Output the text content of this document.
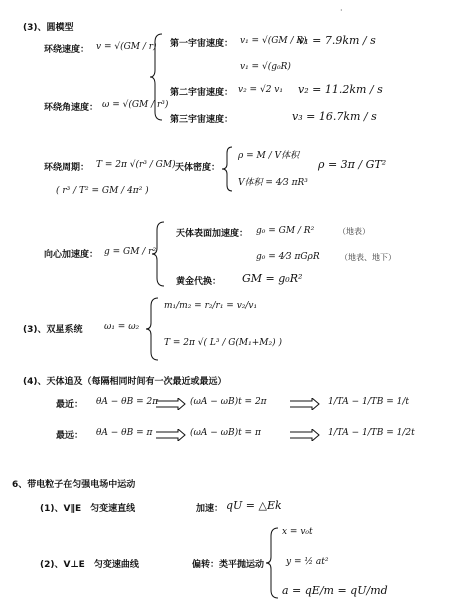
·
(3)、圆模型
环绕速度： v = √(GM / r) 第一宇宙速度： v₁ = √(GM / R)
v₁ = 7.9km / s
v₁ = √(g₀R)
第二宇宙速度： v₂ = √2 v₁ v₂ = 11.2km / s
环绕角速度： ω = √(GM / r³)
第三宇宙速度：	v₃ = 16.7km / s
环绕周期： T = 2π √(r³ / GM)
( r³ / T² = GM / 4π² )
天体密度：
ρ = M / V体积
V体积 = 4⁄3 πR³
ρ = 3π / GT²
向心加速度： g = GM / r²
天体表面加速度： g₀ = GM / R²	（地表）
g₀ = 4⁄3 πGρR	（地表、地下）
黄金代换： GM = g₀R²
(3)、双星系统 ω₁ = ω₂
m₁/m₂ = r₂/r₁ = v₂/v₁
T = 2π √( L³ / G(M₁+M₂) )
(4)、天体追及（每隔相同时间有一次最近或最远）
最近： θA − θB = 2π	(ωA − ωB)t = 2π	1/TA − 1/TB = 1/t
最远： θA − θB = π	(ωA − ωB)t = π	1/TA − 1/TB = 1/2t
6、带电粒子在匀强电场中运动
(1)、V∥E　匀变速直线	加速： qU = △Ek
(2)、V⊥E　匀变速曲线	偏转：类平抛运动
x = v₀t
y = ½ at²
a = qE/m = qU/md
